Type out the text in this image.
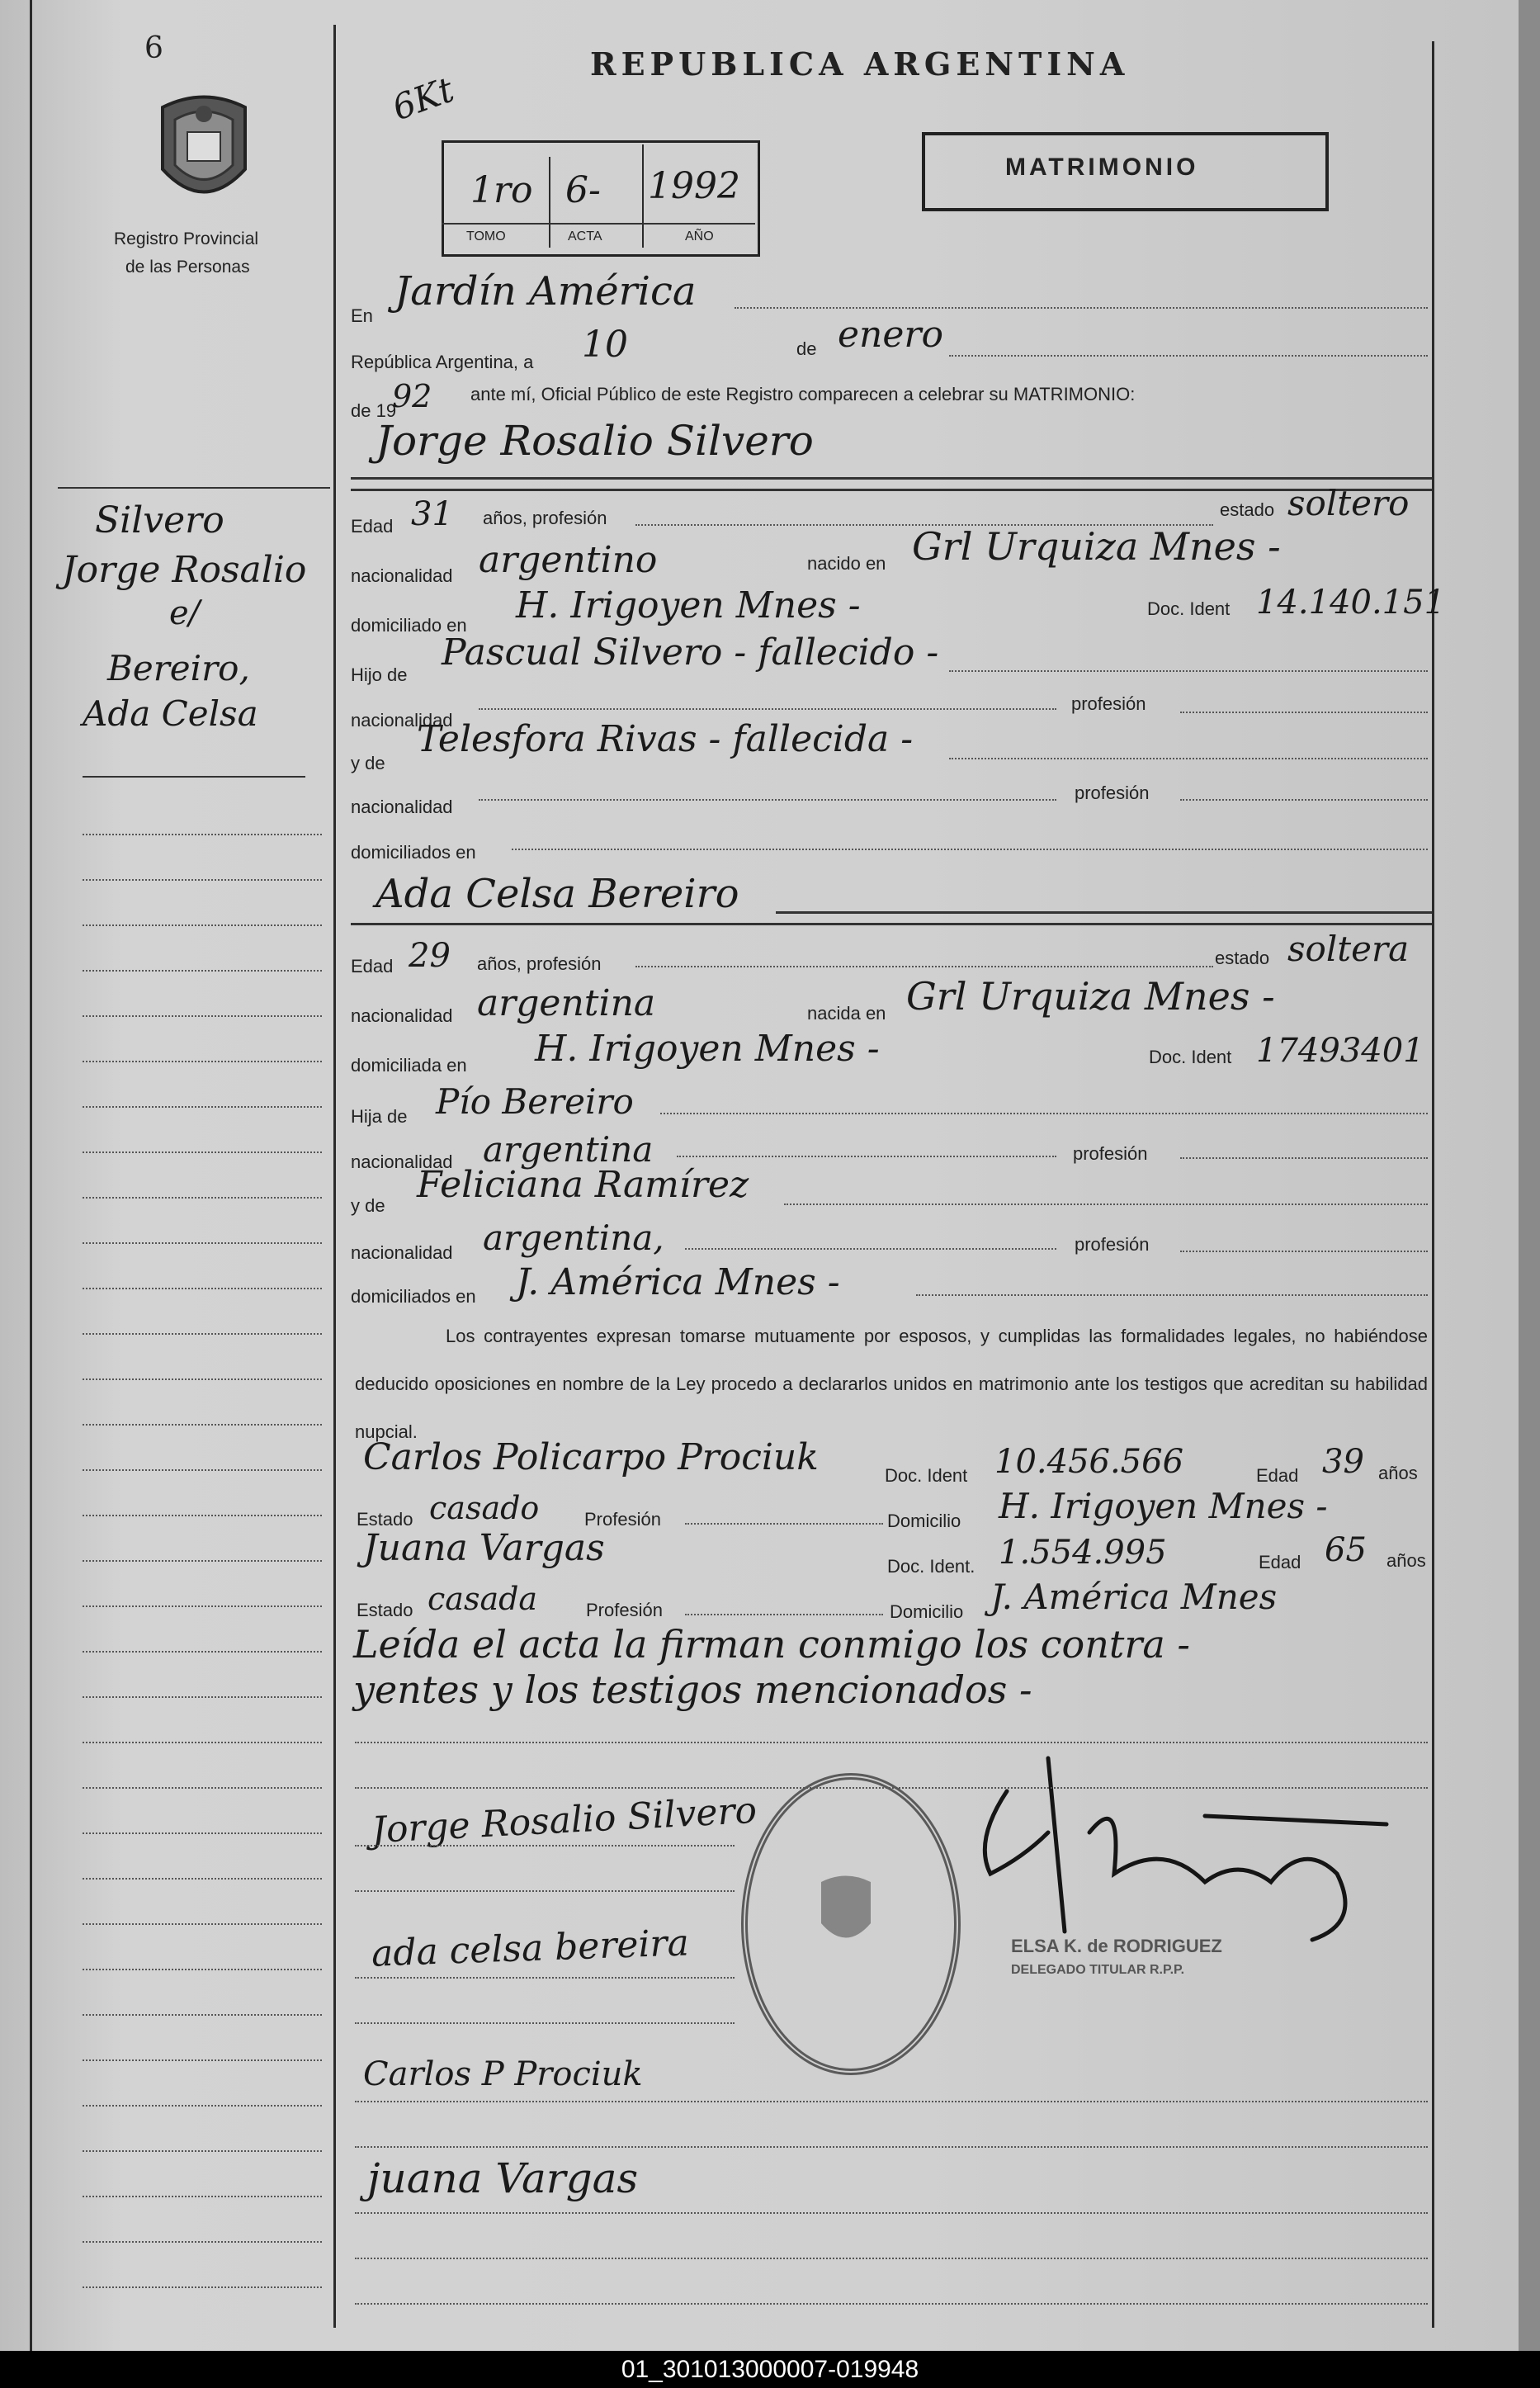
6
Registro Provincial
de las Personas
REPUBLICA ARGENTINA
6Kt
MATRIMONIO
1ro 6- 1992
TOMO	ACTA	AÑO
En
Jardín América
República Argentina, a 10	de enero
de 19
92 ante mí, Oficial Público de este Registro comparecen a celebrar su MATRIMONIO:
Jorge Rosalio Silvero
Edad 31 años, profesión	estado soltero
nacionalidad argentino	nacido en Grl Urquiza Mnes -
domiciliado en H. Irigoyen Mnes -	Doc. Ident 14.140.151
Hijo de
Pascual Silvero - fallecido -
nacionalidad
profesión
y de
Telesfora Rivas - fallecida -
nacionalidad
profesión
domiciliados en
Ada Celsa Bereiro
Edad 29 años, profesión	estado soltera
nacionalidad argentina	nacida en Grl Urquiza Mnes -
domiciliada en H. Irigoyen Mnes -	Doc. Ident 17493401
Hija de Pío Bereiro
nacionalidad argentina	profesión
y de Feliciana Ramírez
nacionalidad argentina,	profesión
domiciliados en J. América Mnes -
Los contrayentes expresan tomarse mutuamente por esposos, y cumplidas las formalidades legales, no habiéndose deducido oposiciones en nombre de la Ley procedo a declararlos unidos en matrimonio ante los testigos que acreditan su habilidad nupcial.
Carlos Policarpo Prociuk	Doc. Ident 10.456.566	Edad 39 años
Estado casado Profesión	Domicilio H. Irigoyen Mnes -
Juana Vargas	Doc. Ident. 1.554.995	Edad 65 años
Estado casada	Profesión	Domicilio J. América Mnes
Leída el acta la firman conmigo los contra -
yentes y los testigos mencionados -
Jorge Rosalio Silvero
ada celsa bereira
Carlos P Prociuk
juana Vargas
ELSA K. de RODRIGUEZ
DELEGADO TITULAR R.P.P.
Silvero
Jorge Rosalio
e/
Bereiro,
Ada Celsa
01_301013000007-019948
